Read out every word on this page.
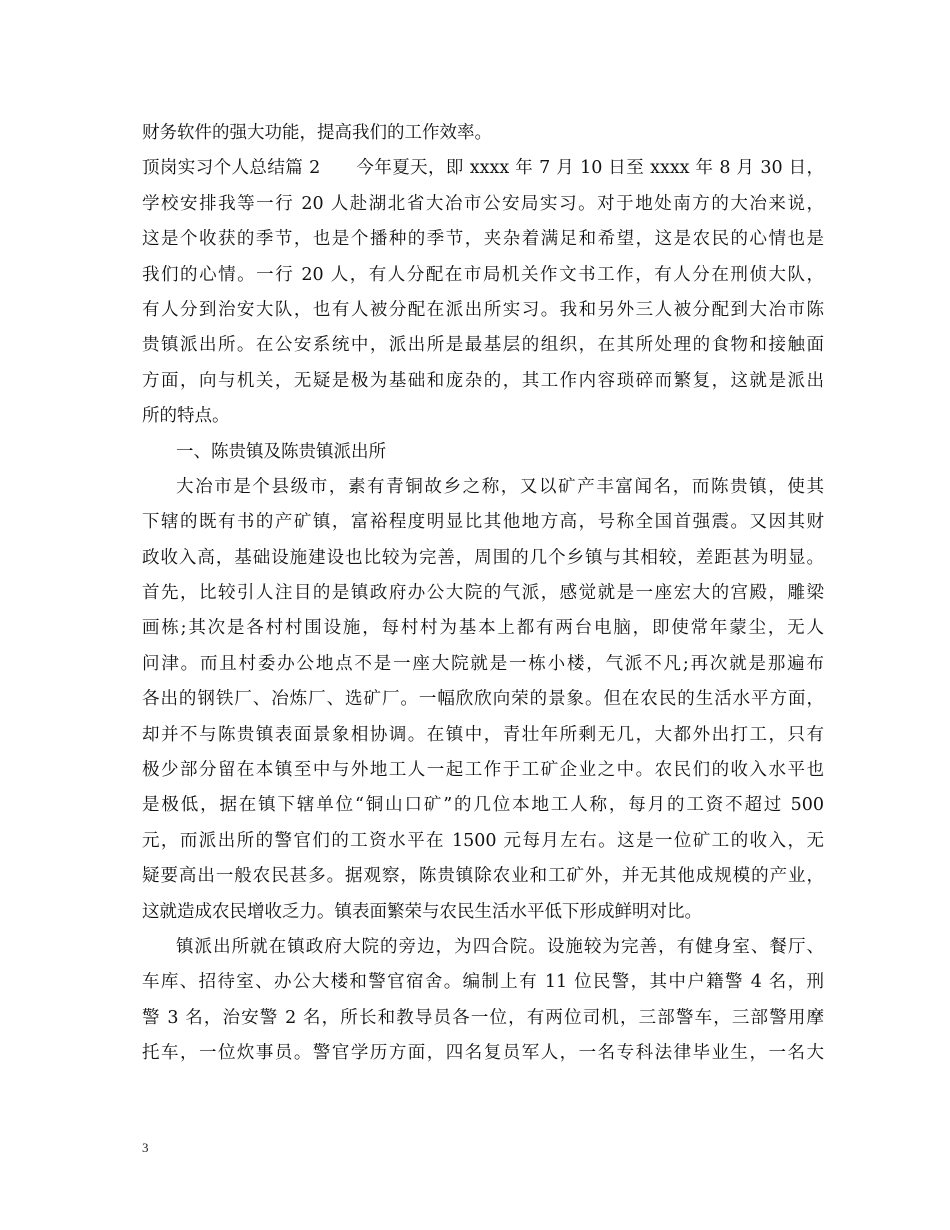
财务软件的强大功能，提高我们的工作效率。
顶岗实习个人总结篇 2　　今年夏天，即 xxxx 年 7 月 10 日至 xxxx 年 8 月 30 日，
学校安排我等一行 20 人赴湖北省大冶市公安局实习。对于地处南方的大冶来说，
这是个收获的季节，也是个播种的季节，夹杂着满足和希望，这是农民的心情也是
我们的心情。一行 20 人，有人分配在市局机关作文书工作，有人分在刑侦大队，
有人分到治安大队，也有人被分配在派出所实习。我和另外三人被分配到大冶市陈
贵镇派出所。在公安系统中，派出所是最基层的组织，在其所处理的食物和接触面
方面，向与机关，无疑是极为基础和庞杂的，其工作内容琐碎而繁复，这就是派出
所的特点。
一、陈贵镇及陈贵镇派出所
大冶市是个县级市，素有青铜故乡之称，又以矿产丰富闻名，而陈贵镇，使其
下辖的既有书的产矿镇，富裕程度明显比其他地方高，号称全国首强震。又因其财
政收入高，基础设施建设也比较为完善，周围的几个乡镇与其相较，差距甚为明显。
首先，比较引人注目的是镇政府办公大院的气派，感觉就是一座宏大的宫殿，雕梁
画栋;其次是各村村围设施，每村村为基本上都有两台电脑，即使常年蒙尘，无人
问津。而且村委办公地点不是一座大院就是一栋小楼，气派不凡;再次就是那遍布
各出的钢铁厂、冶炼厂、选矿厂。一幅欣欣向荣的景象。但在农民的生活水平方面，
却并不与陈贵镇表面景象相协调。在镇中，青壮年所剩无几，大都外出打工，只有
极少部分留在本镇至中与外地工人一起工作于工矿企业之中。农民们的收入水平也
是极低，据在镇下辖单位“铜山口矿”的几位本地工人称，每月的工资不超过 500
元，而派出所的警官们的工资水平在 1500 元每月左右。这是一位矿工的收入，无
疑要高出一般农民甚多。据观察，陈贵镇除农业和工矿外，并无其他成规模的产业，
这就造成农民增收乏力。镇表面繁荣与农民生活水平低下形成鲜明对比。
镇派出所就在镇政府大院的旁边，为四合院。设施较为完善，有健身室、餐厅、
车库、招待室、办公大楼和警官宿舍。编制上有 11 位民警，其中户籍警 4 名，刑
警 3 名，治安警 2 名，所长和教导员各一位，有两位司机，三部警车，三部警用摩
托车，一位炊事员。警官学历方面，四名复员军人，一名专科法律毕业生，一名大
3
